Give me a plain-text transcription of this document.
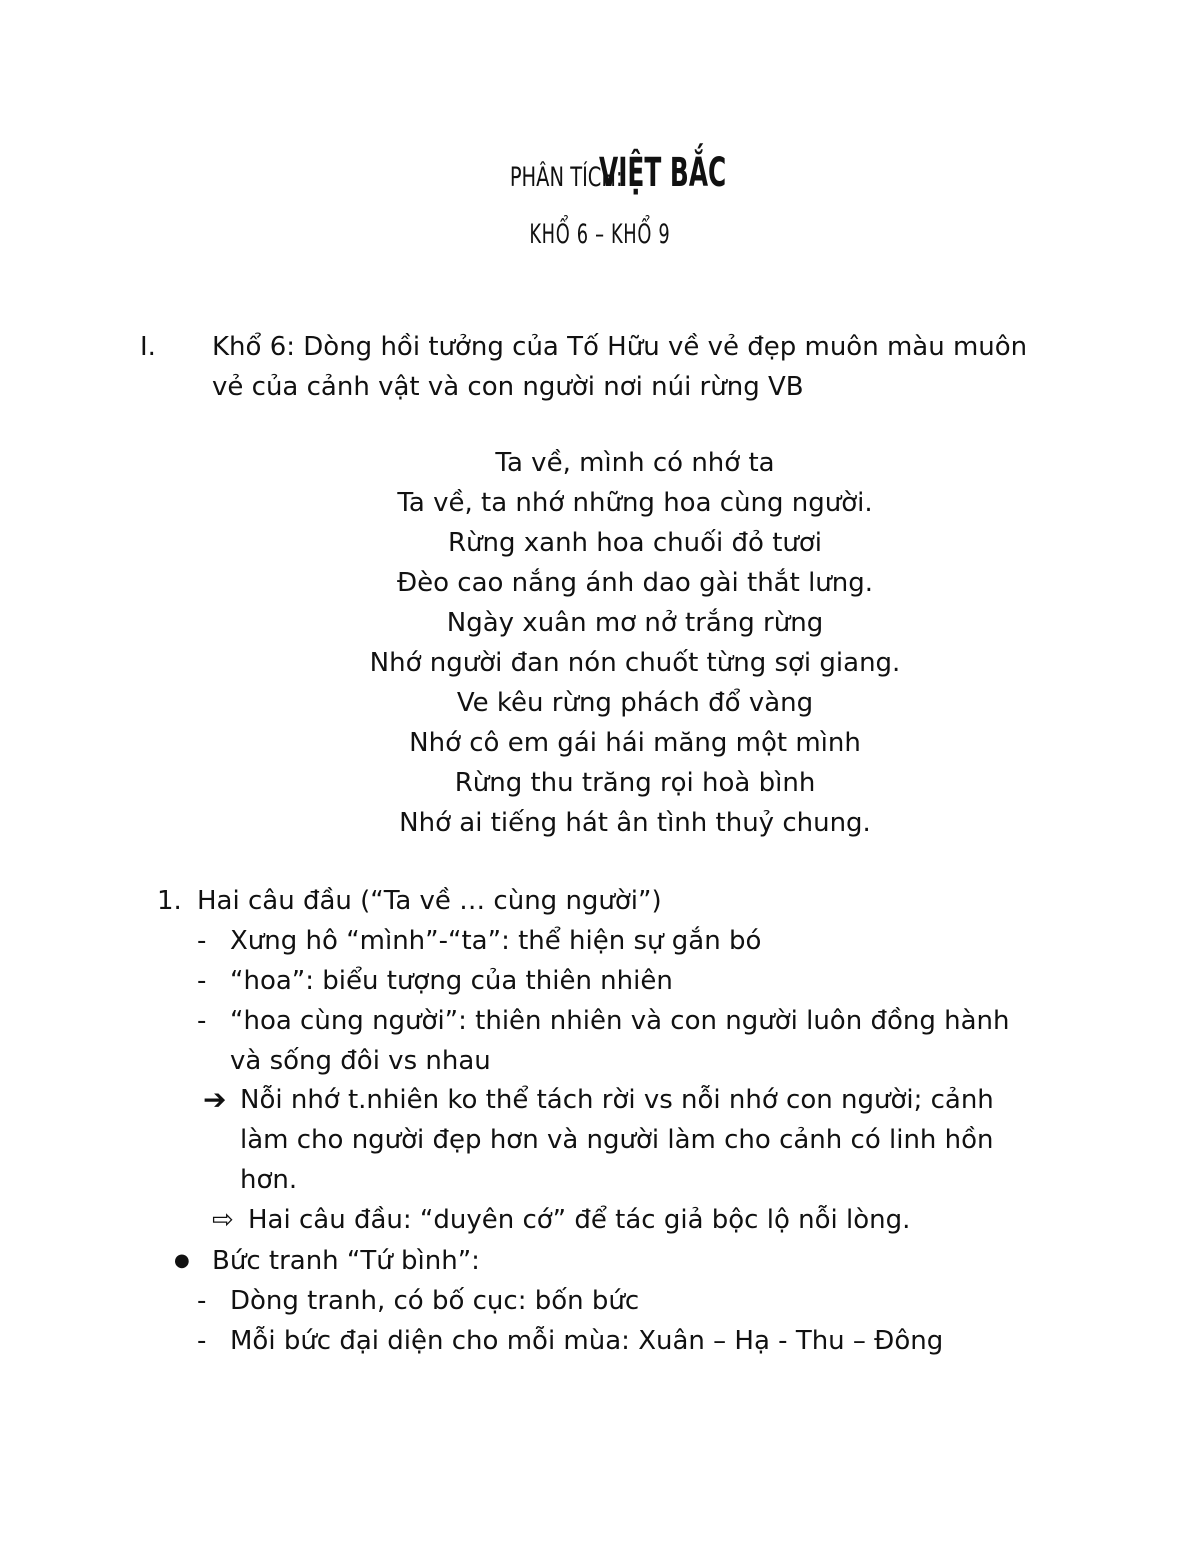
PHÂN TÍCH: VIỆT BẮC
KHỔ 6 – KHỔ 9
I. Khổ 6: Dòng hồi tưởng của Tố Hữu về vẻ đẹp muôn màu muôn
vẻ của cảnh vật và con người nơi núi rừng VB
Ta về, mình có nhớ ta
Ta về, ta nhớ những hoa cùng người.
Rừng xanh hoa chuối đỏ tươi
Đèo cao nắng ánh dao gài thắt lưng.
Ngày xuân mơ nở trắng rừng
Nhớ người đan nón chuốt từng sợi giang.
Ve kêu rừng phách đổ vàng
Nhớ cô em gái hái măng một mình
Rừng thu trăng rọi hoà bình
Nhớ ai tiếng hát ân tình thuỷ chung.
1. Hai câu đầu (“Ta về … cùng người”)
- Xưng hô “mình”-“ta”: thể hiện sự gắn bó
- “hoa”: biểu tượng của thiên nhiên
- “hoa cùng người”: thiên nhiên và con người luôn đồng hành
và sống đôi vs nhau
➔ Nỗi nhớ t.nhiên ko thể tách rời vs nỗi nhớ con người; cảnh
làm cho người đẹp hơn và người làm cho cảnh có linh hồn
hơn.
⇨ Hai câu đầu: “duyên cớ” để tác giả bộc lộ nỗi lòng.
● Bức tranh “Tứ bình”:
- Dòng tranh, có bố cục: bốn bức
- Mỗi bức đại diện cho mỗi mùa: Xuân – Hạ - Thu – Đông
